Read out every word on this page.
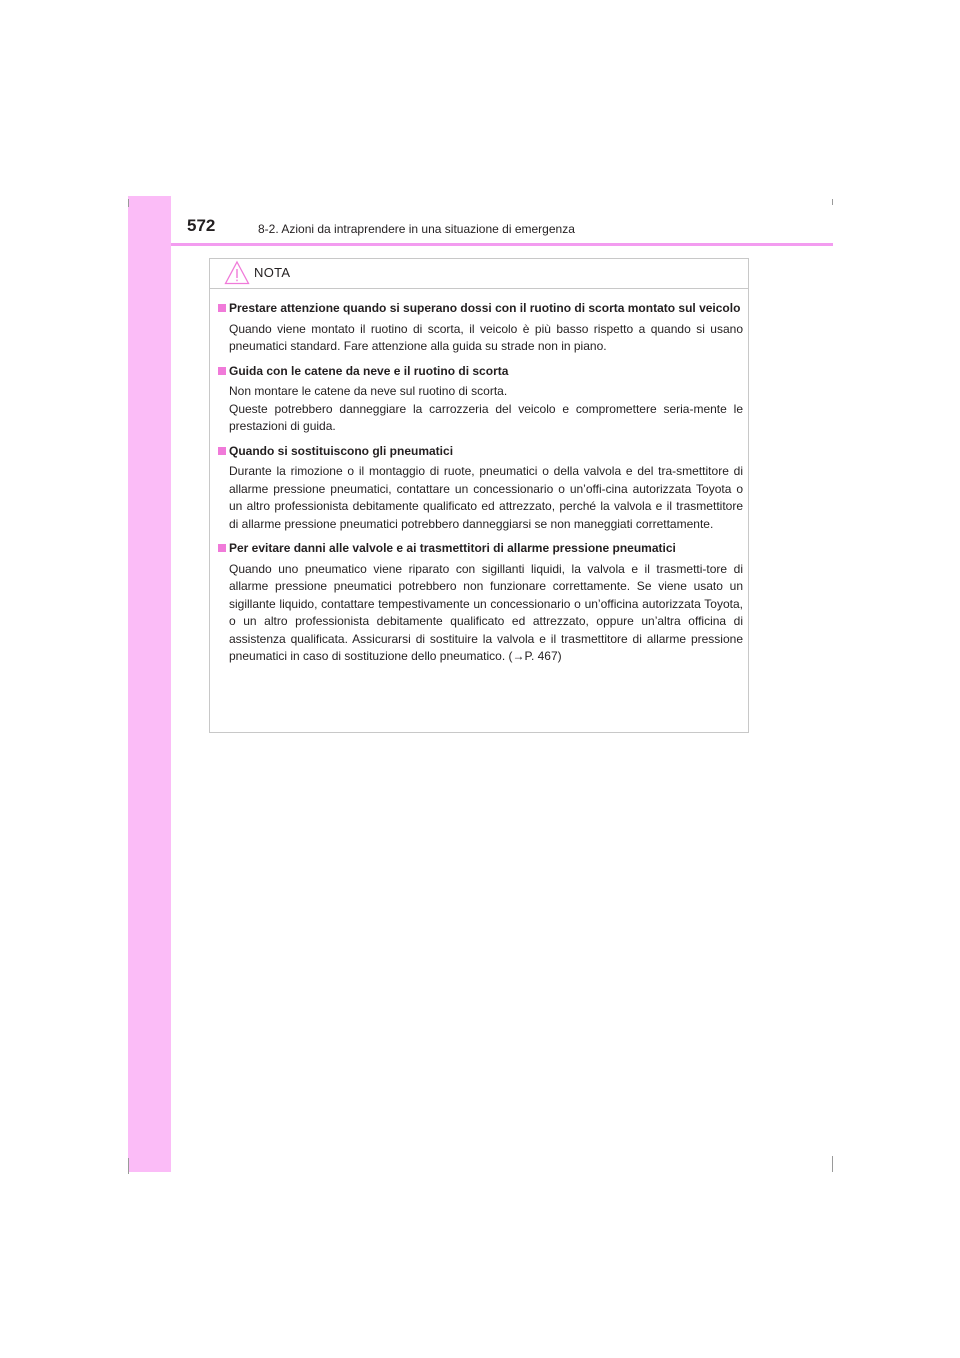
572	8-2. Azioni da intraprendere in una situazione di emergenza
NOTA
Prestare attenzione quando si superano dossi con il ruotino di scorta montato sul veicolo

Quando viene montato il ruotino di scorta, il veicolo è più basso rispetto a quando si usano pneumatici standard. Fare attenzione alla guida su strade non in piano.

Guida con le catene da neve e il ruotino di scorta

Non montare le catene da neve sul ruotino di scorta.

Queste potrebbero danneggiare la carrozzeria del veicolo e compromettere seria-mente le prestazioni di guida.

Quando si sostituiscono gli pneumatici

Durante la rimozione o il montaggio di ruote, pneumatici o della valvola e del tra-smettitore di allarme pressione pneumatici, contattare un concessionario o un’offi-cina autorizzata Toyota o un altro professionista debitamente qualificato ed attrezzato, perché la valvola e il trasmettitore di allarme pressione pneumatici potrebbero danneggiarsi se non maneggiati correttamente.

Per evitare danni alle valvole e ai trasmettitori di allarme pressione pneumatici

Quando uno pneumatico viene riparato con sigillanti liquidi, la valvola e il trasmetti-tore di allarme pressione pneumatici potrebbero non funzionare correttamente. Se viene usato un sigillante liquido, contattare tempestivamente un concessionario o un’officina autorizzata Toyota, o un altro professionista debitamente qualificato ed attrezzato, oppure un’altra officina di assistenza qualificata. Assicurarsi di sostituire la valvola e il trasmettitore di allarme pressione pneumatici in caso di sostituzione dello pneumatico. (→P. 467)
